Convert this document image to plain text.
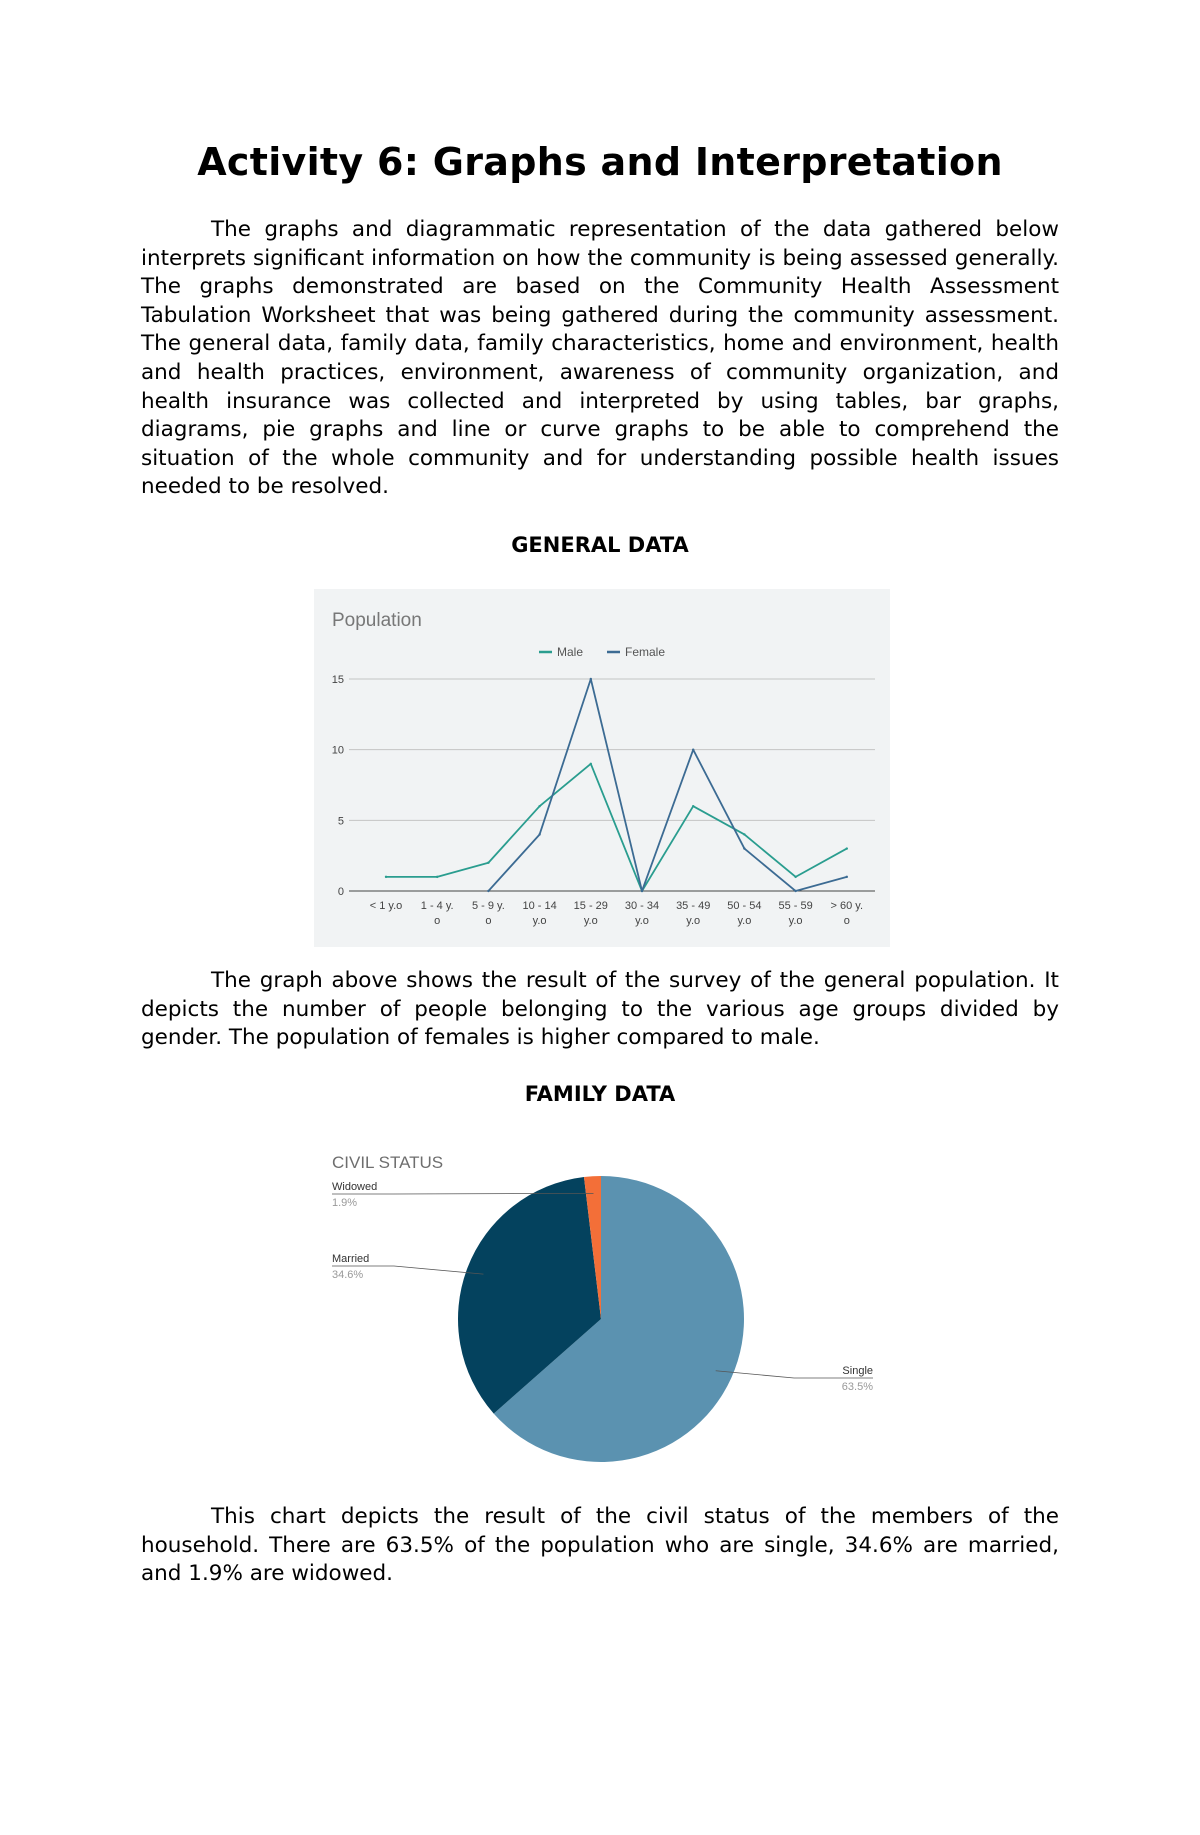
Activity 6: Graphs and Interpretation

The graphs and diagrammatic representation of the data gathered below interprets significant information on how the community is being assessed generally. The graphs demonstrated are based on the Community Health Assessment Tabulation Worksheet that was being gathered during the community assessment. The general data, family data, family characteristics, home and environment, health and health practices, environment, awareness of community organization, and health insurance was collected and interpreted by using tables, bar graphs, diagrams, pie graphs and line or curve graphs to be able to comprehend the situation of the whole community and for understanding possible health issues needed to be resolved.

GENERAL DATA
Population
Male	Female
0
5
10
15
< 1 y.o 1 - 4 y.
o
5 - 9 y.
o
10 - 14
y.o
15 - 29
y.o
30 - 34
y.o
35 - 49
y.o
50 - 54
y.o
55 - 59
y.o
> 60 y.
o

The graph above shows the result of the survey of the general population. It depicts the number of people belonging to the various age groups divided by gender. The population of females is higher compared to male.

FAMILY DATA
CIVIL STATUS
Single
63.5%
Married
34.6%
Widowed
1.9%

This chart depicts the result of the civil status of the members of the household. There are 63.5% of the population who are single, 34.6% are married, and 1.9% are widowed.
